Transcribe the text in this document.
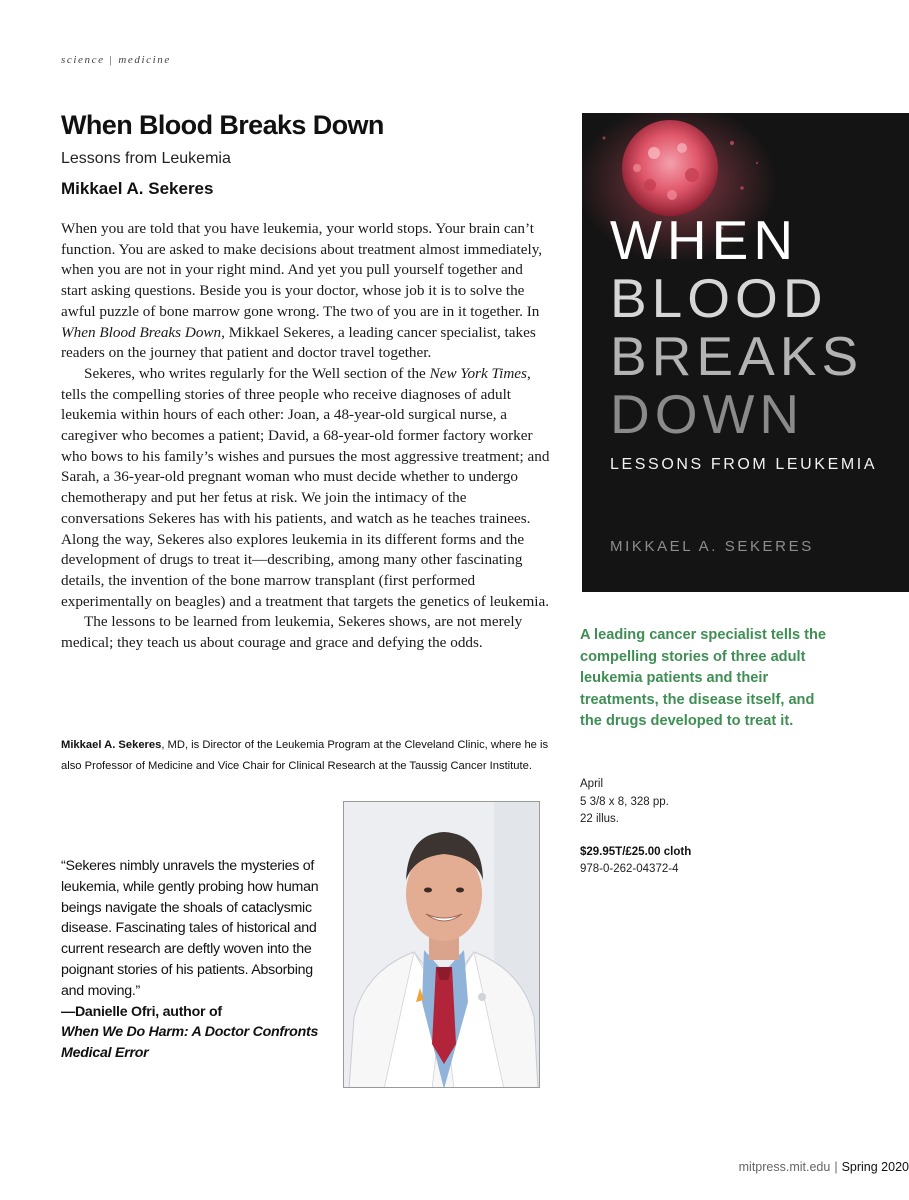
science | medicine
When Blood Breaks Down
Lessons from Leukemia
Mikkael A. Sekeres

When you are told that you have leukemia, your world stops. Your brain can’t function. You are asked to make decisions about treatment almost immediately, when you are not in your right mind. And yet you pull yourself together and start asking questions. Beside you is your doctor, whose job it is to solve the awful puzzle of bone marrow gone wrong. The two of you are in it together. In When Blood Breaks Down, Mikkael Sekeres, a leading cancer specialist, takes readers on the journey that patient and doctor travel together.

Sekeres, who writes regularly for the Well section of the New York Times, tells the compelling stories of three people who receive diagnoses of adult leukemia within hours of each other: Joan, a 48-year-old surgical nurse, a caregiver who becomes a patient; David, a 68-year-old former factory worker who bows to his family’s wishes and pursues the most aggressive treatment; and Sarah, a 36-year-old pregnant woman who must decide whether to undergo chemotherapy and put her fetus at risk. We join the intimacy of the conversations Sekeres has with his patients, and watch as he teaches trainees. Along the way, Sekeres also explores leukemia in its different forms and the development of drugs to treat it—describing, among many other fascinating details, the invention of the bone marrow transplant (first performed experimentally on beagles) and a treatment that targets the genetics of leukemia.

The lessons to be learned from leukemia, Sekeres shows, are not merely medical; they teach us about courage and grace and defying the odds.

Mikkael A. Sekeres, MD, is Director of the Leukemia Program at the Cleveland Clinic, where he is also Professor of Medicine and Vice Chair for Clinical Research at the Taussig Cancer Institute.
“Sekeres nimbly unravels the mysteries of leukemia, while gently probing how human beings navigate the shoals of cataclysmic disease. Fascinating tales of historical and current research are deftly woven into the poignant stories of his patients. Absorbing and moving.”
—Danielle Ofri, author of
When We Do Harm: A Doctor Confronts Medical Error
WHEN
BLOOD
BREAKS
DOWN
LESSONS FROM LEUKEMIA
MIKKAEL A. SEKERES
A leading cancer specialist tells the compelling stories of three adult leukemia patients and their treatments, the disease itself, and the drugs developed to treat it.
April
5 3/8 x 8, 328 pp.
22 illus.
$29.95T/£25.00 cloth
978-0-262-04372-4
mitpress.mit.edu | Spring 2020
